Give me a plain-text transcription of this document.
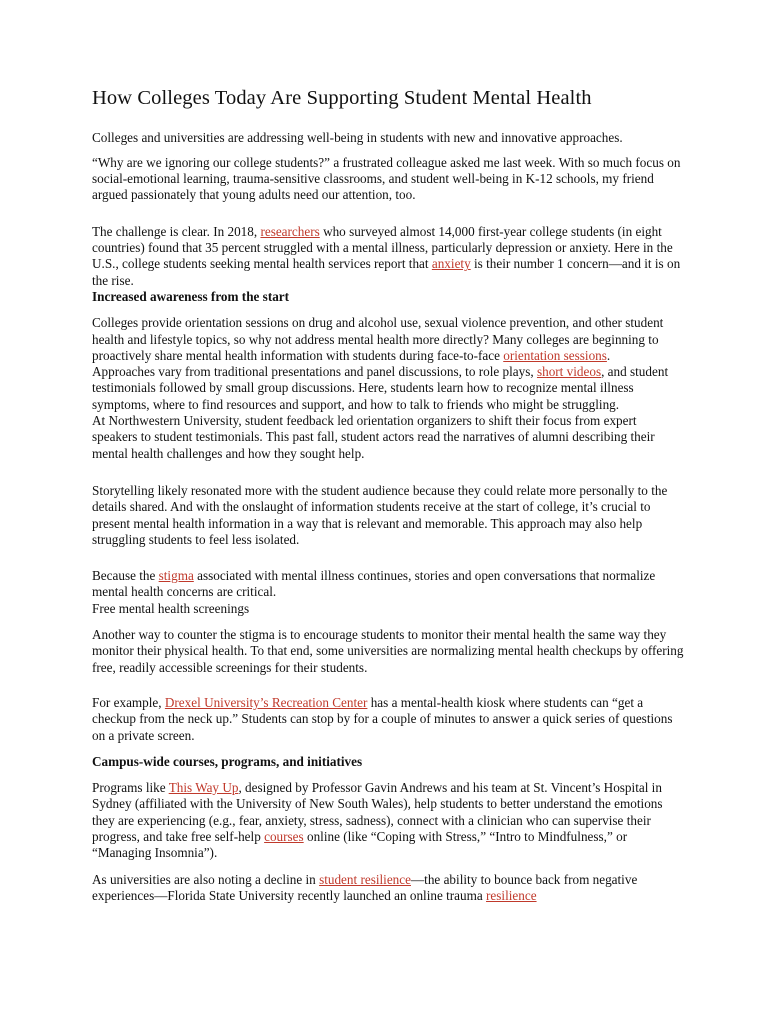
How Colleges Today Are Supporting Student Mental Health

Colleges and universities are addressing well-being in students with new and innovative approaches.

“Why are we ignoring our college students?” a frustrated colleague asked me last week. With so much focus on social-emotional learning, trauma-sensitive classrooms, and student well-being in K-12 schools, my friend argued passionately that young adults need our attention, too.

The challenge is clear. In 2018, researchers who surveyed almost 14,000 first-year college students (in eight countries) found that 35 percent struggled with a mental illness, particularly depression or anxiety. Here in the U.S., college students seeking mental health services report that anxiety is their number 1 concern—and it is on the rise.

Increased awareness from the start

Colleges provide orientation sessions on drug and alcohol use, sexual violence prevention, and other student health and lifestyle topics, so why not address mental health more directly? Many colleges are beginning to proactively share mental health information with students during face-to-face orientation sessions.

Approaches vary from traditional presentations and panel discussions, to role plays, short videos, and student testimonials followed by small group discussions. Here, students learn how to recognize mental illness symptoms, where to find resources and support, and how to talk to friends who might be struggling.

At Northwestern University, student feedback led orientation organizers to shift their focus from expert speakers to student testimonials. This past fall, student actors read the narratives of alumni describing their mental health challenges and how they sought help.

Storytelling likely resonated more with the student audience because they could relate more personally to the details shared. And with the onslaught of information students receive at the start of college, it’s crucial to present mental health information in a way that is relevant and memorable. This approach may also help struggling students to feel less isolated.

Because the stigma associated with mental illness continues, stories and open conversations that normalize mental health concerns are critical.

Free mental health screenings

Another way to counter the stigma is to encourage students to monitor their mental health the same way they monitor their physical health. To that end, some universities are normalizing mental health checkups by offering free, readily accessible screenings for their students.

For example, Drexel University’s Recreation Center has a mental-health kiosk where students can “get a checkup from the neck up.” Students can stop by for a couple of minutes to answer a quick series of questions on a private screen.

Campus-wide courses, programs, and initiatives

Programs like This Way Up, designed by Professor Gavin Andrews and his team at St. Vincent’s Hospital in Sydney (affiliated with the University of New South Wales), help students to better understand the emotions they are experiencing (e.g., fear, anxiety, stress, sadness), connect with a clinician who can supervise their progress, and take free self-help courses online (like “Coping with Stress,” “Intro to Mindfulness,” or “Managing Insomnia”).

As universities are also noting a decline in student resilience—the ability to bounce back from negative experiences—Florida State University recently launched an online trauma resilience
